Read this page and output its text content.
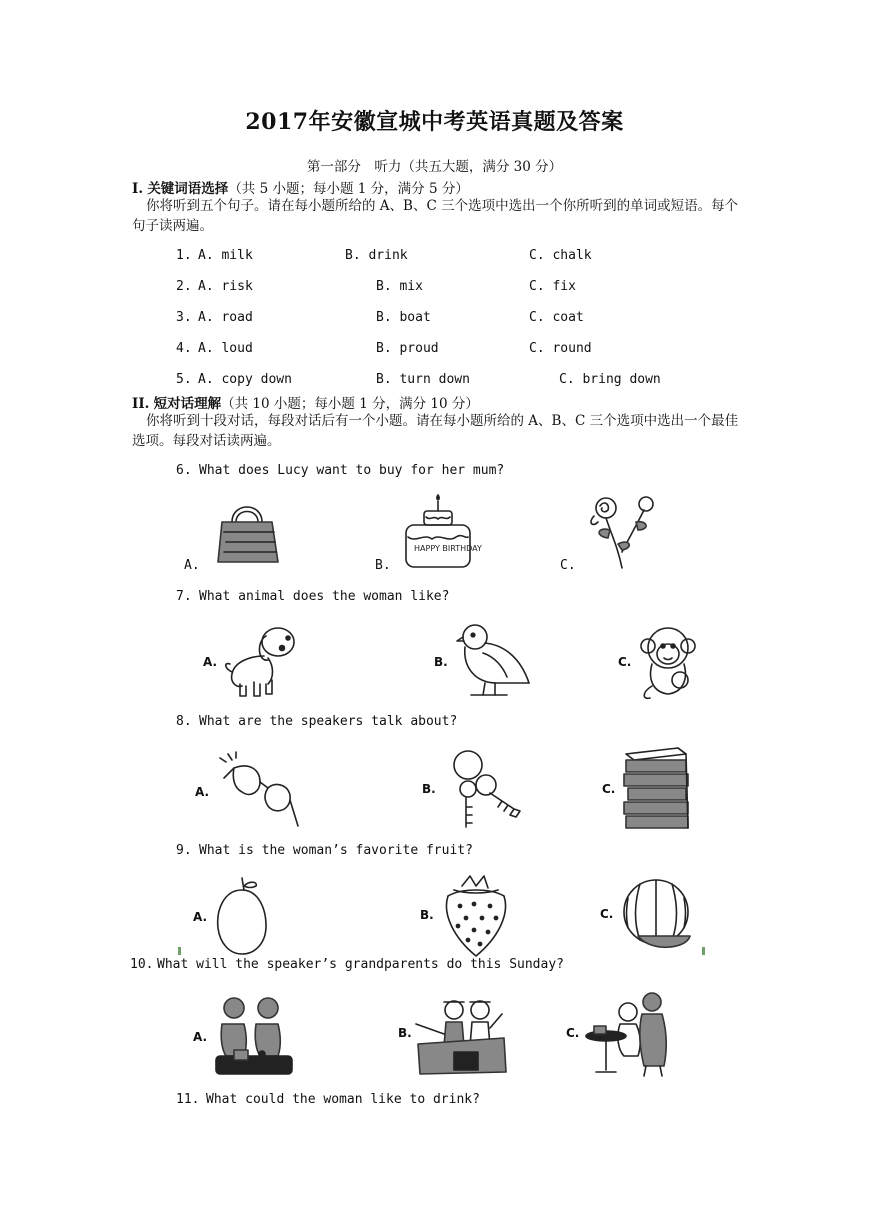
2017年安徽宣城中考英语真题及答案
第一部分　听力（共五大题，满分 30 分）
I. 关键词语选择（共 5 小题；每小题 1 分，满分 5 分）
你将听到五个句子。请在每小题所给的 A、B、C 三个选项中选出一个你所听到的单词或短语。每个句子读两遍。
1. A. milk	B. drink	C. chalk
2. A. risk	B. mix	C. fix
3. A. road	B. boat	C. coat
4. A. loud	B. proud	C. round
5. A. copy down	B. turn down	C. bring down
II. 短对话理解（共 10 小题；每小题 1 分，满分 10 分）
你将听到十段对话，每段对话后有一个小题。请在每小题所给的 A、B、C 三个选项中选出一个最佳选项。每段对话读两遍。
6. What does Lucy want to buy for her mum?
A.	B.
HAPPY BIRTHDAY
C.
7. What animal does the woman like?
A.	B.	C.
8. What are the speakers talk about?
A.	B.	C.
9. What is the woman’s favorite fruit?
A.	B.	C.
10. What will the speaker’s grandparents do this Sunday?
A.	B.	C.
11. What could the woman like to drink?
